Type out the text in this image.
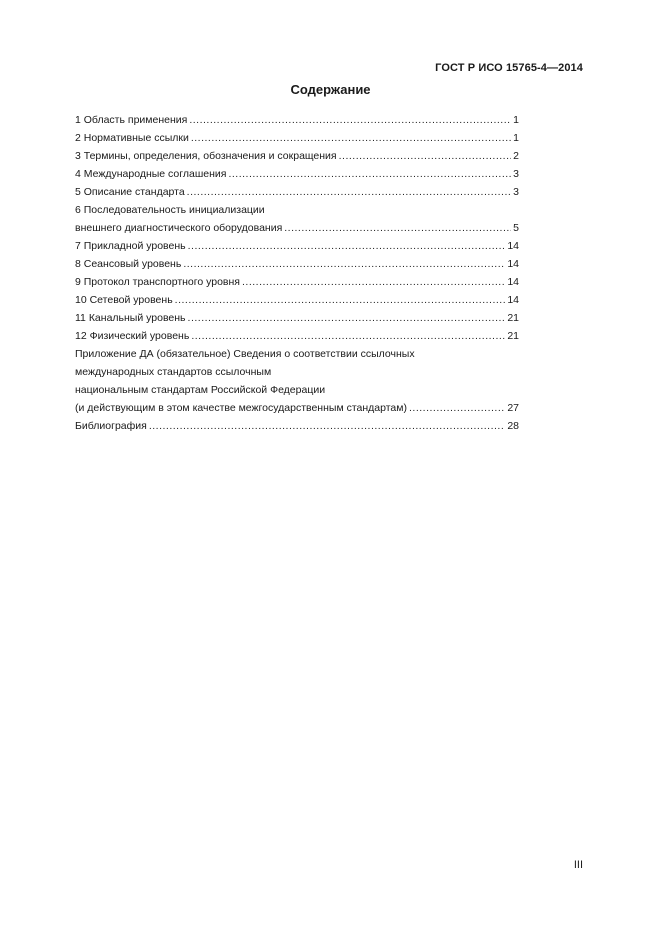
ГОСТ Р ИСО 15765-4—2014
Содержание
1 Область применения .....	1
2 Нормативные ссылки .....	1
3 Термины, определения, обозначения и сокращения .....	2
4 Международные соглашения .....	3
5 Описание стандарта .....	3
6 Последовательность инициализации
внешнего диагностического оборудования .....	5
7 Прикладной уровень .....	14
8 Сеансовый уровень .....	14
9 Протокол транспортного уровня .....	14
10 Сетевой уровень .....	14
11 Канальный уровень .....	21
12 Физический уровень .....	21
Приложение ДА (обязательное) Сведения о соответствии ссылочных
международных стандартов ссылочным
национальным стандартам Российской Федерации
(и действующим в этом качестве межгосударственным стандартам) .....	27
Библиография .....	28
III
